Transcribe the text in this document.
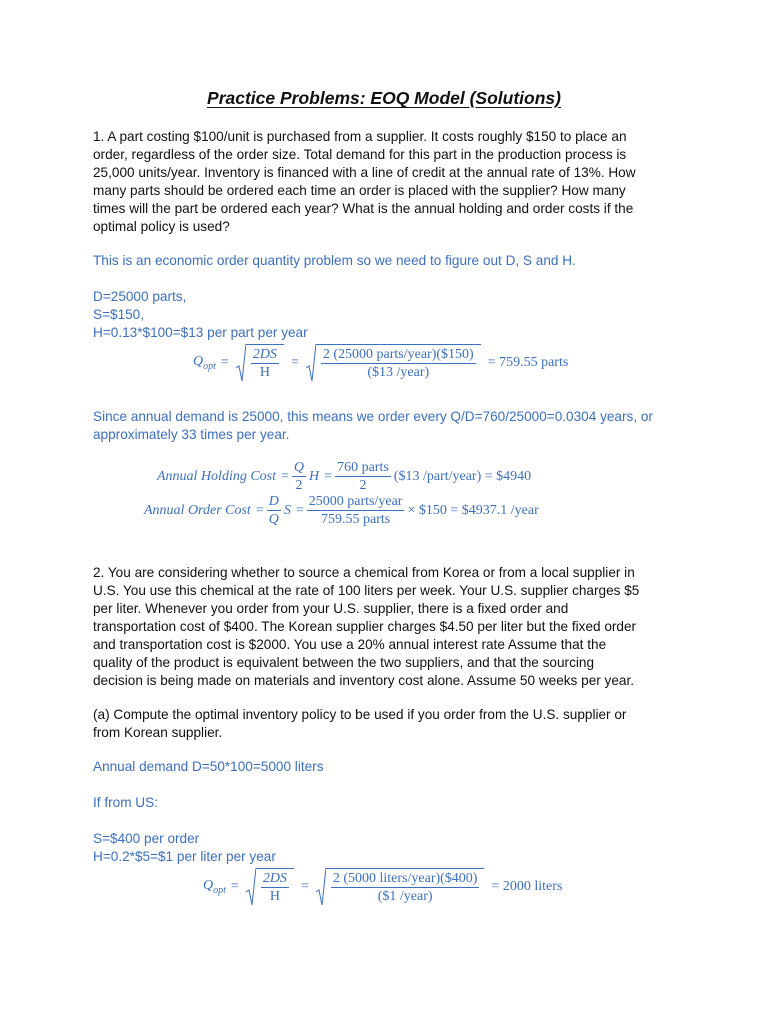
Practice Problems: EOQ Model (Solutions)
1. A part costing $100/unit is purchased from a supplier. It costs roughly $150 to place an
order, regardless of the order size. Total demand for this part in the production process is
25,000 units/year. Inventory is financed with a line of credit at the annual rate of 13%. How
many parts should be ordered each time an order is placed with the supplier? How many
times will the part be ordered each year? What is the annual holding and order costs if the
optimal policy is used?
This is an economic order quantity problem so we need to figure out D, S and H.
D=25000 parts,
S=$150,
H=0.13*$100=$13 per part per year
$Q_{opt} = \frac{2DS}{H} = \frac{\text{2 (25000 parts/year)(\$150)}}{\text{(\$13 /year)}} = 759.55$ parts
Since annual demand is 25000, this means we order every Q/D=760/25000=0.0304 years, or
approximately 33 times per year.
Annual Holding Cost = $\frac{Q}{2}$ $H = \frac{\text{760 parts}}{2}$ ($13 /part/year) = $4940
Annual Order Cost = $\frac{D}{Q}$ $S = \frac{\text{25000 parts/year}}{\text{759.55 parts}}$ × $150 = $4937.1 /year
2. You are considering whether to source a chemical from Korea or from a local supplier in
U.S. You use this chemical at the rate of 100 liters per week. Your U.S. supplier charges $5
per liter. Whenever you order from your U.S. supplier, there is a fixed order and
transportation cost of $400. The Korean supplier charges $4.50 per liter but the fixed order
and transportation cost is $2000. You use a 20% annual interest rate Assume that the
quality of the product is equivalent between the two suppliers, and that the sourcing
decision is being made on materials and inventory cost alone. Assume 50 weeks per year.
(a) Compute the optimal inventory policy to be used if you order from the U.S. supplier or
from Korean supplier.
Annual demand D=50*100=5000 liters
If from US:
S=$400 per order
H=0.2*$5=$1 per liter per year
$Q_{opt} = \frac{2DS}{H} = \frac{\text{2 (5000 liters/year)(\$400)}}{\text{(\$1 /year)}} = 2000$ liters
